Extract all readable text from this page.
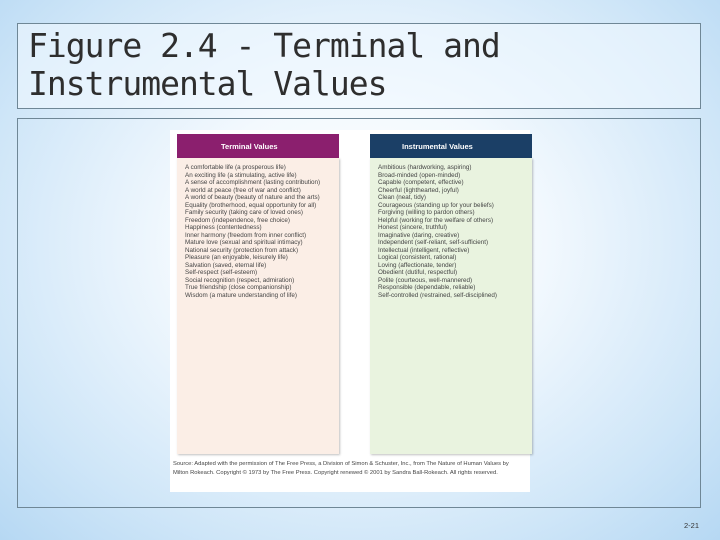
Figure 2.4 - Terminal and Instrumental Values
Terminal Values

A comfortable life (a prosperous life)

An exciting life (a stimulating, active life)

A sense of accomplishment (lasting contribution)

A world at peace (free of war and conflict)

A world of beauty (beauty of nature and the arts)

Equality (brotherhood, equal opportunity for all)

Family security (taking care of loved ones)

Freedom (independence, free choice)

Happiness (contentedness)

Inner harmony (freedom from inner conflict)

Mature love (sexual and spiritual intimacy)

National security (protection from attack)

Pleasure (an enjoyable, leisurely life)

Salvation (saved, eternal life)

Self-respect (self-esteem)

Social recognition (respect, admiration)

True friendship (close companionship)

Wisdom (a mature understanding of life)

Instrumental Values

Ambitious (hardworking, aspiring)

Broad-minded (open-minded)

Capable (competent, effective)

Cheerful (lighthearted, joyful)

Clean (neat, tidy)

Courageous (standing up for your beliefs)

Forgiving (willing to pardon others)

Helpful (working for the welfare of others)

Honest (sincere, truthful)

Imaginative (daring, creative)

Independent (self-reliant, self-sufficient)

Intellectual (intelligent, reflective)

Logical (consistent, rational)

Loving (affectionate, tender)

Obedient (dutiful, respectful)

Polite (courteous, well-mannered)

Responsible (dependable, reliable)

Self-controlled (restrained, self-disciplined)

Source: Adapted with the permission of The Free Press, a Division of Simon & Schuster, Inc., from The Nature of Human Values by Milton Rokeach. Copyright © 1973 by The Free Press. Copyright renewed © 2001 by Sandra Ball-Rokeach. All rights reserved.
2-21
